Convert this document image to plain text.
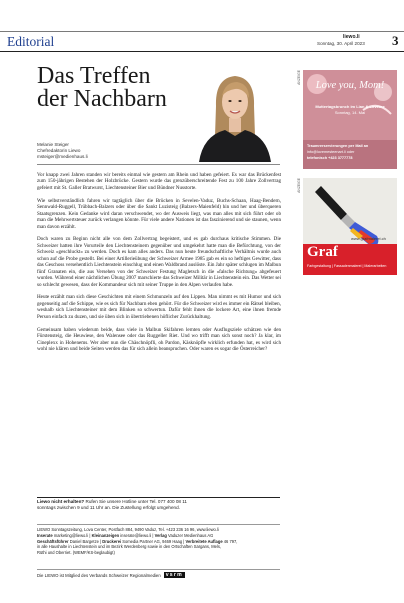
Editorial	liewo.li
Sonntag, 30. April 2023 3
Das Treffen
der Nachbarn
Melanie Steiger
Chefredaktorin Liewo
msteiger@medienhaus.li

Vor knapp zwei Jahren standen wir bereits einmal wie gestern am Rhein und haben gefeiert. Es war das Brückenfest zum 150-jährigen Bestehen der Holzbrücke. Gestern wurde das grenzüberschreitende Fest zu 100 Jahre Zollvertrag gefeiert mit St. Galler Bratwurst, Liechtensteiner Bier und Bündner Nusstorte.

Wie selbstverständlich fahren wir tagtäglich über die Brücken in Sevelen-Vaduz, Buchs-Schaan, Haag-Bendern, Sennwald-Ruggell, Trübbach-Balzers oder über die Sankt Luzisteig (Balzers-Maienfeld) hin und her und überqueren Staatsgrenzen. Kein Gedanke wird daran verschwendet, wo der Ausweis liegt, was man alles mit sich führt oder ob man die Mehrwertsteuer zurück verlangen könnte. Für viele andere Nationen ist das faszinierend und sie staunen, wenn man davon erzählt.

Doch waren zu Beginn nicht alle von dem Zollvertrag begeistert, und es gab durchaus kritische Stimmen. Die Schweizer hatten ihre Vorurteile den Liechtensteinern gegenüber und umgekehrt hatte man die Befürchtung, von der Schweiz «geschluckt» zu werden. Doch es kam alles anders. Das nun heute freundschaftliche Verhältnis wurde auch schon auf die Probe gestellt. Bei einer Artillerieübung der Schweizer Armee 1985 gab es ein so heftiges Gewitter, dass das Geschoss versehentlich Liechtenstein einschlug und einen Waldbrand auslöste. Ein Jahr später schlugen im Malbun fünf Granaten ein, die aus Versehen von der Schweizer Festung Magletsch in die «falsche Richtung» abgefeuert wurden. Während einer nächtlichen Übung 2007 marschierte das Schweizer Militär in Liechtenstein ein. Das Wetter sei so schlecht gewesen, dass der Kommandeur sich mit seiner Truppe in den Alpen verlaufen habe.

Heute erzählt man sich diese Geschichten mit einem Schmunzeln auf den Lippen. Man nimmt es mit Humor und sich gegenseitig auf die Schippe, wie es sich für Nachbarn eben gehört. Für die Schweizer wird es immer ein Rätsel bleiben, weshalb sich Liechtensteiner mit dem Blinken so schwertun. Dafür fehlt ihnen die lockere Art, eine ihnen fremde Person einfach zu duzen, und sie üben sich in übertriebenen höflicher Zurückhaltung.

Gemeinsam haben wiederum beide, dass viele in Malbun Skifahren lernten oder Ausflugsziele schätzen wie den Fürstensteig, die Heuwiese, den Walensee oder das Ruggeller Riet. Und wo trifft man sich sonst noch? Ja klar, im Cineplexx in Hohenems. Wer aber nun die Chäschnöpfli, oh Pardon, Käsknöpfle wirklich erfunden hat, es wird sich wohl nie klären und beide Seiten werden das für sich allein beanspruchen. Oder waren es sogar die Österreicher?

Liewo nicht erhalten? Rufen Sie unsere Hotline unter Tel. 077 400 08 11
sonntags zwischen 9 und 11 Uhr an. Die Zustellung erfolgt umgehend.
LIEWO Sonntagszeitung, Lova Center, Postfach 884, 9490 Vaduz, Tel. +423 236 16 96, www.liewo.li
Inserate marketing@liewo.li | Kleinanzeigen inserate@liewo.li | Verlag Vaduzer Medienhaus AG
Geschäftsführer Daniel Bargetze | Druckerei Somedia Partner AG, 9469 Haag | Verbreitete Auflage 46 797,
in alle Haushalte in Liechtenstein und im Bezirk Werdenberg sowie in den Ortschaften Sargans, Mels,
Rüthi und Oberriet. (WEMF/KS-beglaubigt)
Die LIEWO ist Mitglied des Verbands Schweizer Regionalmedien vsrm
ANZEIGE
Love you, Mom!
Muttertagsbrunch im Lian & Loveme
Sonntag, 14. Mai
Traumrerservierungen per Mail an
info@lovemesteenart.li oder
telefonisch +423 3777778
ANZEIGE
www.grafmalerei.ch
Graf
Farbgestaltung | Fassadenmalerei | Malerarbeiten
